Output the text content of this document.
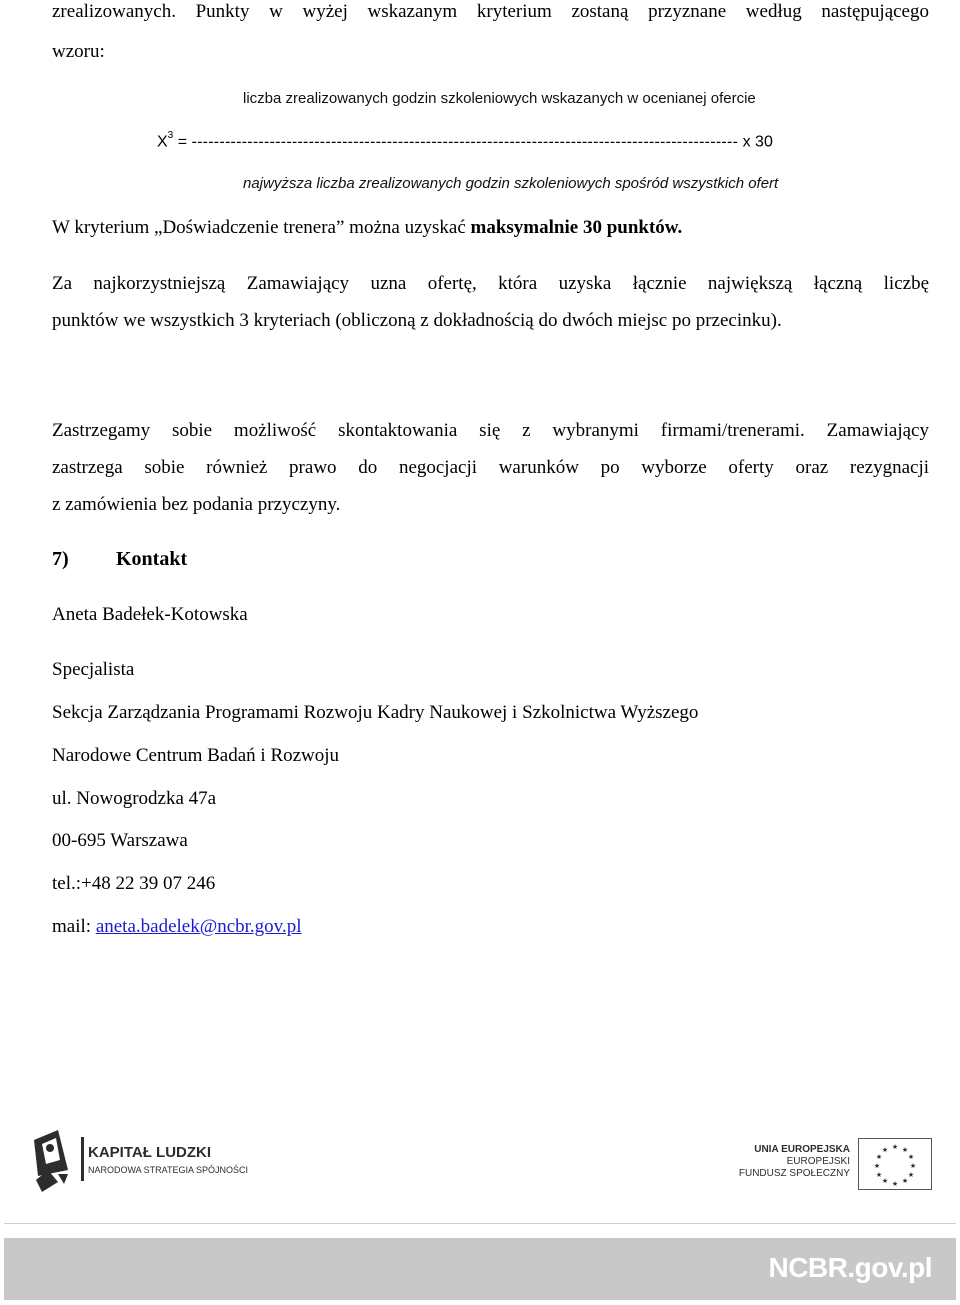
zrealizowanych. Punkty w wyżej wskazanym kryterium zostaną przyznane według następującego
wzoru:
liczba zrealizowanych godzin szkoleniowych wskazanych w ocenianej ofercie
$X^3$ = -------------------------------------------------------------------------------------------------- x 30
najwyższa liczba zrealizowanych godzin szkoleniowych spośród wszystkich ofert
W kryterium „Doświadczenie trenera” można uzyskać maksymalnie 30 punktów.
Za najkorzystniejszą Zamawiający uzna ofertę, która uzyska łącznie największą łączną liczbę
punktów we wszystkich 3 kryteriach (obliczoną z dokładnością do dwóch miejsc po przecinku).
Zastrzegamy sobie możliwość skontaktowania się z wybranymi firmami/trenerami. Zamawiający
zastrzega sobie również prawo do negocjacji warunków po wyborze oferty oraz rezygnacji
z zamówienia bez podania przyczyny.
7) Kontakt
Aneta Badełek-Kotowska
Specjalista
Sekcja Zarządzania Programami Rozwoju Kadry Naukowej i Szkolnictwa Wyższego
Narodowe Centrum Badań i Rozwoju
ul. Nowogrodzka 47a
00-695 Warszawa
tel.:+48 22 39 07 246
mail: aneta.badelek@ncbr.gov.pl
KAPITAŁ LUDZKI
NARODOWA STRATEGIA SPÓJNOŚCI
UNIA EUROPEJSKA
EUROPEJSKI
FUNDUSZ SPOŁECZNY
★ ★
★
★
★
★
★
★
★
★
★
★
NCBR.gov.pl
